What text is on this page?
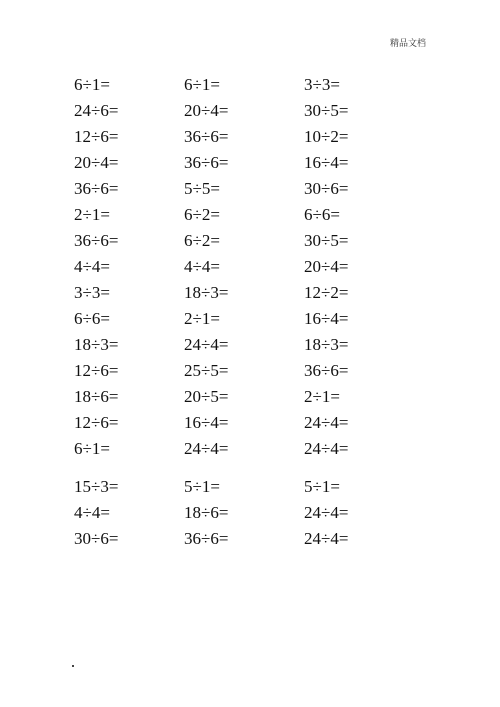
精品文档
6÷1=	6÷1=	3÷3=
24÷6=	20÷4=	30÷5=
12÷6=	36÷6=	10÷2=
20÷4=	36÷6=	16÷4=
36÷6=	5÷5=	30÷6=
2÷1=	6÷2=	6÷6=
36÷6=	6÷2=	30÷5=
4÷4=	4÷4=	20÷4=
3÷3=	18÷3=	12÷2=
6÷6=	2÷1=	16÷4=
18÷3=	24÷4=	18÷3=
12÷6=	25÷5=	36÷6=
18÷6=	20÷5=	2÷1=
12÷6=	16÷4=	24÷4=
6÷1=	24÷4=	24÷4=
15÷3=	5÷1=	5÷1=
4÷4=	18÷6=	24÷4=
30÷6=	36÷6=	24÷4=
